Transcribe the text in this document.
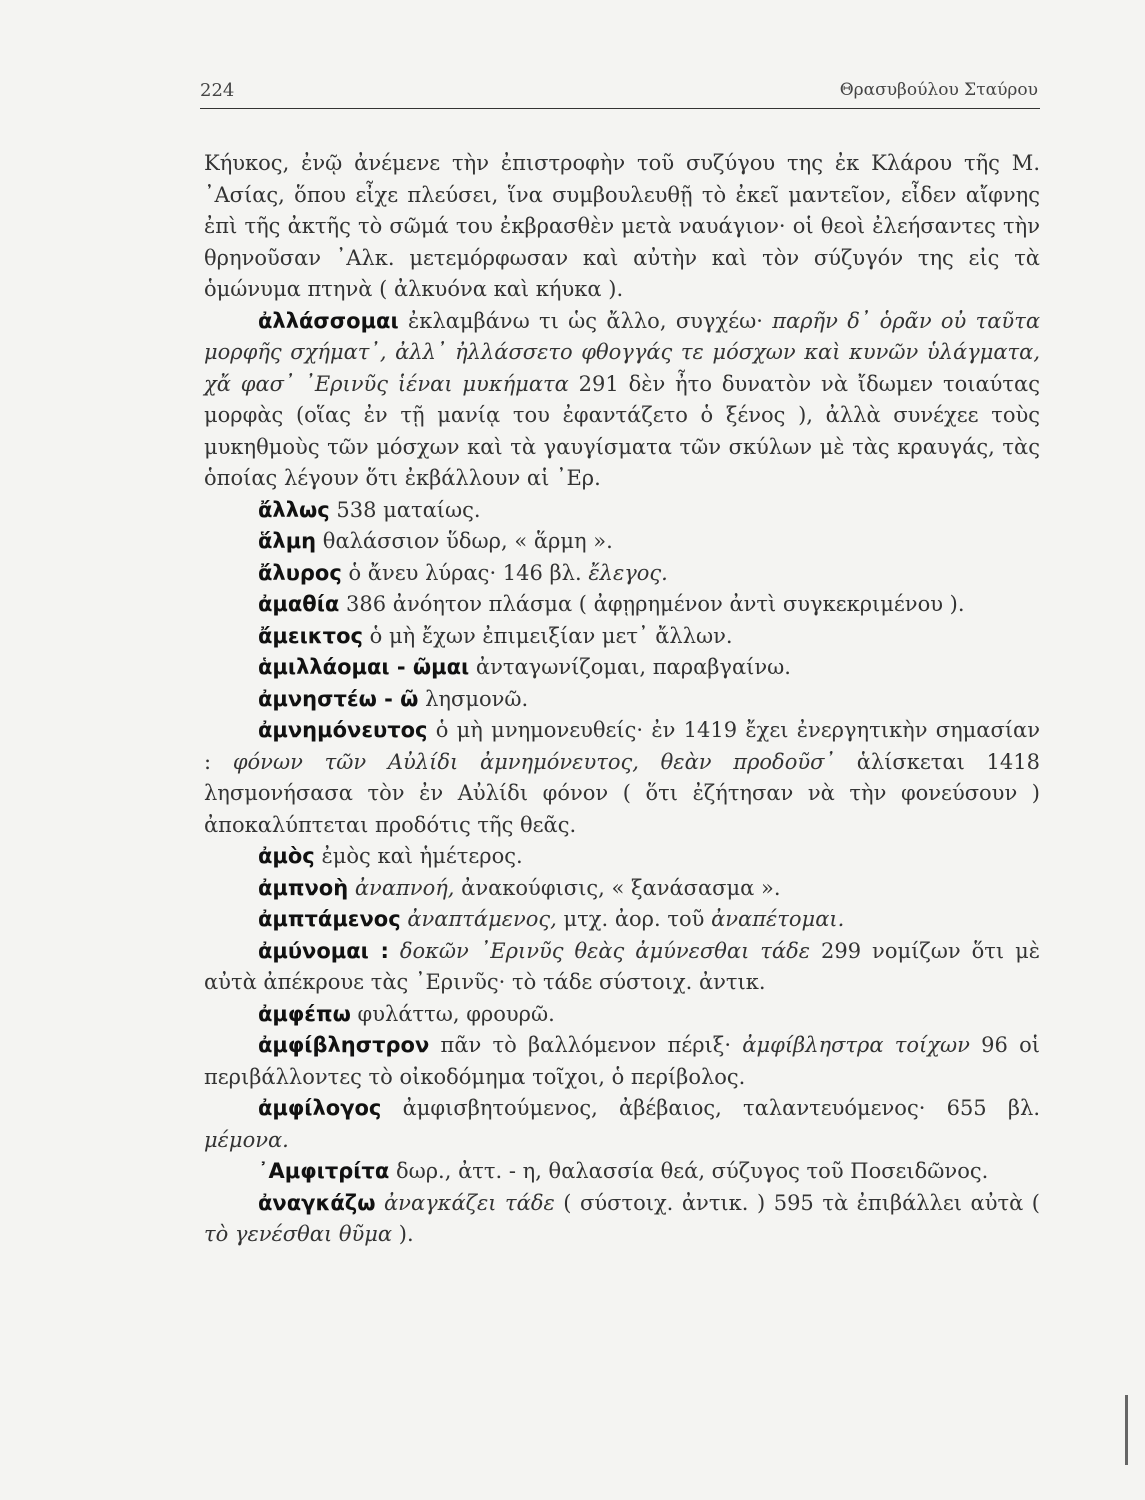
224	Θρασυβούλου Σταύρου

Κήυκος, ἐνῷ ἀνέμενε τὴν ἐπιστροφὴν τοῦ συζύγου της ἐκ Κλάρου τῆς Μ. ᾿Ασίας, ὅπου εἶχε πλεύσει, ἵνα συμβουλευθῇ τὸ ἐκεῖ μαντεῖον, εἶδεν αἴφνης ἐπὶ τῆς ἀκτῆς τὸ σῶμά του ἐκβρασθὲν μετὰ ναυάγιον· οἱ θεοὶ ἐλεήσαντες τὴν θρηνοῦσαν ᾿Αλκ. μετεμόρφωσαν καὶ αὐτὴν καὶ τὸν σύζυγόν της εἰς τὰ ὁμώνυμα πτηνὰ ( ἀλκυόνα καὶ κήυκα ).

ἀλλάσσομαι ἐκλαμβάνω τι ὡς ἄλλο, συγχέω· παρῆν δ᾿ ὁρᾶν οὐ ταῦτα μορφῆς σχήματ᾿, ἀλλ᾿ ἠλλάσσετο φθογγάς τε μόσχων καὶ κυνῶν ὑλάγματα, χἄ φασ᾿ ᾿Ερινῦς ἱέναι μυκήματα 291 δὲν ἦτο δυνατὸν νὰ ἴδωμεν τοιαύτας μορφὰς (οἵας ἐν τῇ μανίᾳ του ἐφαντάζετο ὁ ξένος ), ἀλλὰ συνέχεε τοὺς μυκηθμοὺς τῶν μόσχων καὶ τὰ γαυγίσματα τῶν σκύλων μὲ τὰς κραυγάς, τὰς ὁποίας λέγουν ὅτι ἐκβάλλουν αἱ ᾿Ερ.

ἄλλως 538 ματαίως.

ἅλμη θαλάσσιον ὕδωρ, « ἅρμη ».

ἄλυρος ὁ ἄνευ λύρας· 146 βλ. ἔλεγος.

ἀμαθία 386 ἀνόητον πλάσμα ( ἀφῃρημένον ἀντὶ συγκεκριμένου ).

ἄμεικτος ὁ μὴ ἔχων ἐπιμειξίαν μετ᾿ ἄλλων.

ἁμιλλάομαι - ῶμαι ἀνταγωνίζομαι, παραβγαίνω.

ἀμνηστέω - ῶ λησμονῶ.

ἀμνημόνευτος ὁ μὴ μνημονευθείς· ἐν 1419 ἔχει ἐνεργητικὴν σημασίαν : φόνων τῶν Αὐλίδι ἀμνημόνευτος, θεὰν προδοῦσ᾿ ἁλίσκεται 1418 λησμονήσασα τὸν ἐν Αὐλίδι φόνον ( ὅτι ἐζήτησαν νὰ τὴν φονεύσουν ) ἀποκαλύπτεται προδότις τῆς θεᾶς.

ἀμὸς ἐμὸς καὶ ἡμέτερος.

ἀμπνοὴ ἀναπνοή, ἀνακούφισις, « ξανάσασμα ».

ἀμπτάμενος ἀναπτάμενος, μτχ. ἀορ. τοῦ ἀναπέτομαι.

ἀμύνομαι : δοκῶν ᾿Ερινῦς θεὰς ἀμύνεσθαι τάδε 299 νομίζων ὅτι μὲ αὐτὰ ἀπέκρουε τὰς ᾿Ερινῦς· τὸ τάδε σύστοιχ. ἀντικ.

ἀμφέπω φυλάττω, φρουρῶ.

ἀμφίβληστρον πᾶν τὸ βαλλόμενον πέριξ· ἀμφίβληστρα τοίχων 96 οἱ περιβάλλοντες τὸ οἰκοδόμημα τοῖχοι, ὁ περίβολος.

ἀμφίλογος ἀμφισβητούμενος, ἀβέβαιος, ταλαντευόμενος· 655 βλ. μέμονα.

᾿Αμφιτρίτα δωρ., ἀττ. - η, θαλασσία θεά, σύζυγος τοῦ Ποσειδῶνος.

ἀναγκάζω ἀναγκάζει τάδε ( σύστοιχ. ἀντικ. ) 595 τὰ ἐπιβάλλει αὐτὰ ( τὸ γενέσθαι θῦμα ).
